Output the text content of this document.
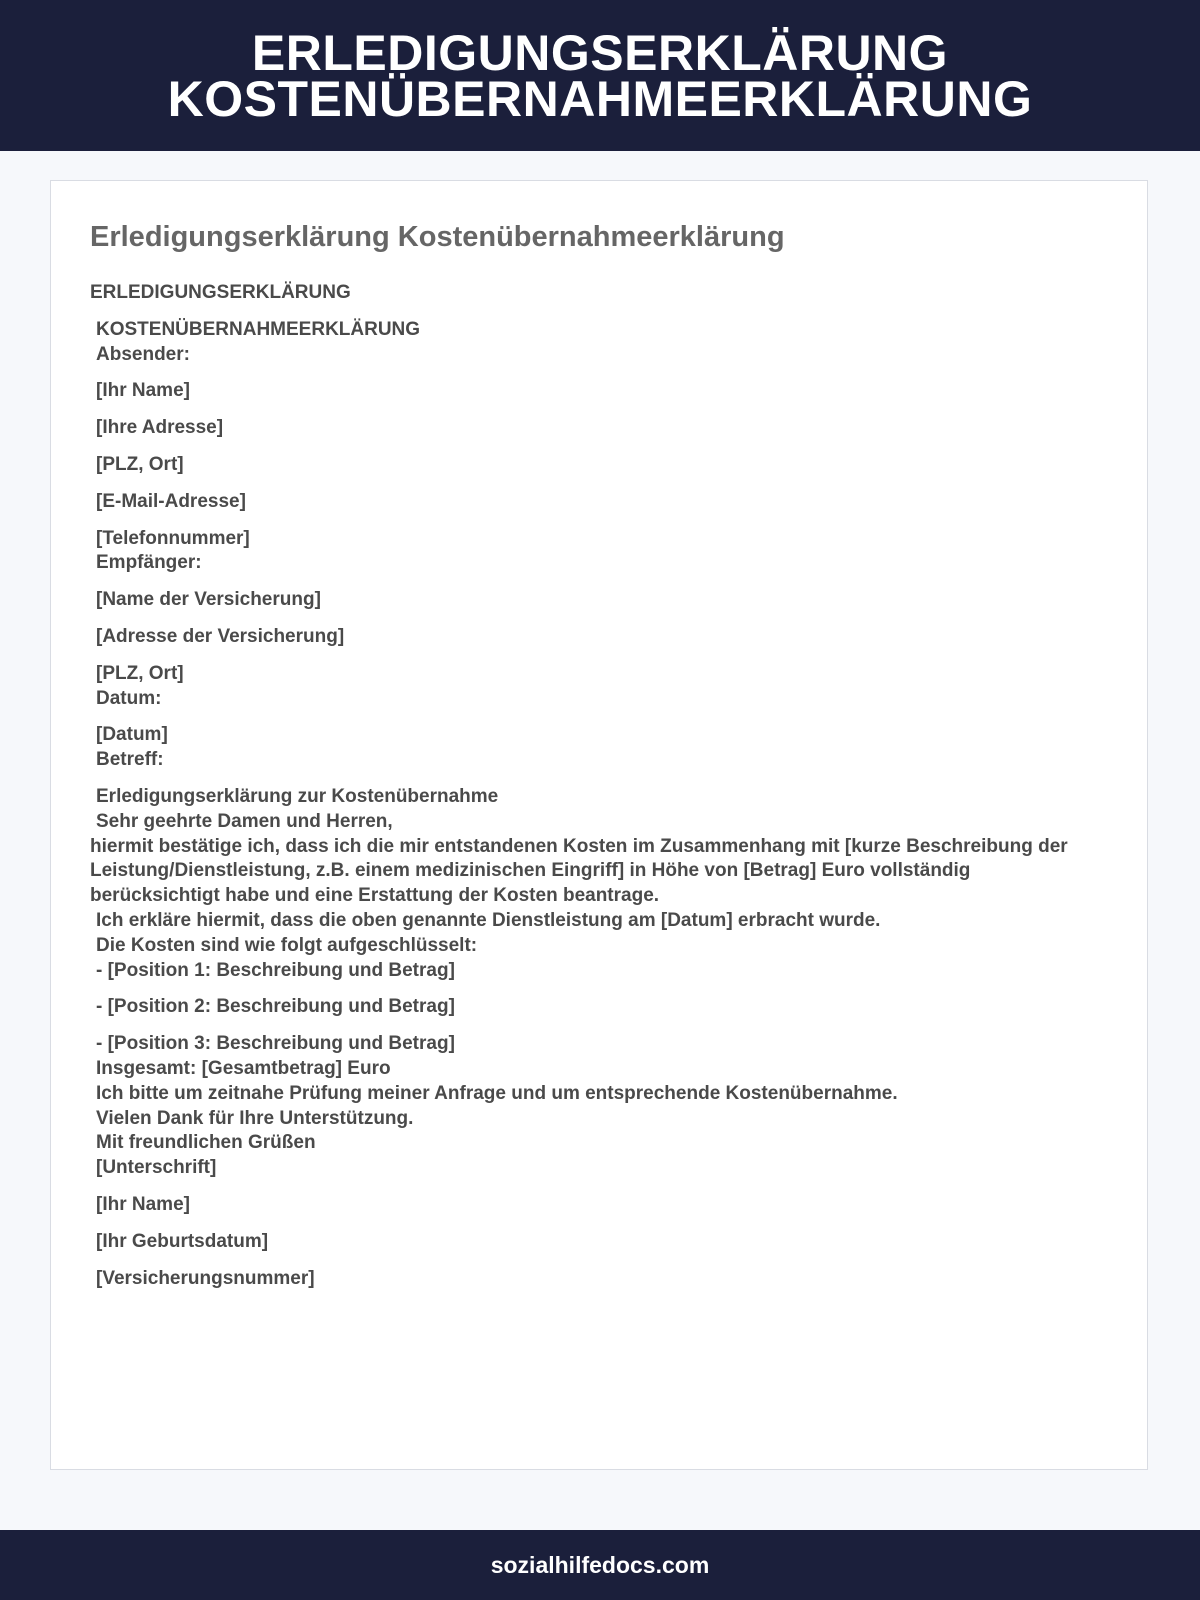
ERLEDIGUNGSERKLÄRUNG
KOSTENÜBERNAHMEERKLÄRUNG
Erledigungserklärung Kostenübernahmeerklärung
ERLEDIGUNGSERKLÄRUNG
KOSTENÜBERNAHMEERKLÄRUNG
Absender:
[Ihr Name]
[Ihre Adresse]
[PLZ, Ort]
[E-Mail-Adresse]
[Telefonnummer]
Empfänger:
[Name der Versicherung]
[Adresse der Versicherung]
[PLZ, Ort]
Datum:
[Datum]
Betreff:
Erledigungserklärung zur Kostenübernahme
Sehr geehrte Damen und Herren,
hiermit bestätige ich, dass ich die mir entstandenen Kosten im Zusammenhang mit [kurze Beschreibung der Leistung/Dienstleistung, z.B. einem medizinischen Eingriff] in Höhe von [Betrag] Euro vollständig berücksichtigt habe und eine Erstattung der Kosten beantrage.
Ich erkläre hiermit, dass die oben genannte Dienstleistung am [Datum] erbracht wurde.
Die Kosten sind wie folgt aufgeschlüsselt:
- [Position 1: Beschreibung und Betrag]
- [Position 2: Beschreibung und Betrag]
- [Position 3: Beschreibung und Betrag]
Insgesamt: [Gesamtbetrag] Euro
Ich bitte um zeitnahe Prüfung meiner Anfrage und um entsprechende Kostenübernahme.
Vielen Dank für Ihre Unterstützung.
Mit freundlichen Grüßen
[Unterschrift]
[Ihr Name]
[Ihr Geburtsdatum]
[Versicherungsnummer]
sozialhilfedocs.com
